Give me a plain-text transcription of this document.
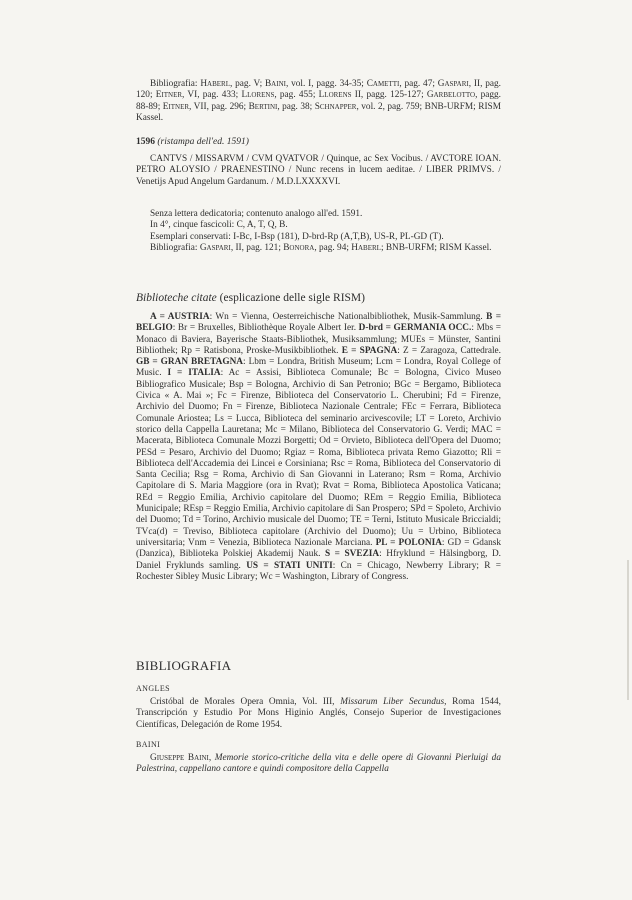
Bibliografia: Haberl, pag. V; Baini, vol. I, pagg. 34-35; Cametti, pag. 47; Gaspari, II, pag. 120; Eitner, VI, pag. 433; Llorens, pag. 455; Llorens II, pagg. 125-127; Garbelotto, pagg. 88-89; Eitner, VII, pag. 296; Bertini, pag. 38; Schnapper, vol. 2, pag. 759; BNB-URFM; RISM Kassel.

1596 (ristampa dell'ed. 1591)

CANTVS / MISSARVM / CVM QVATVOR / Quinque, ac Sex Vocibus. / AVCTORE IOAN. PETRO ALOYSIO / PRAENESTINO / Nunc recens in lucem aeditae. / LIBER PRIMVS. / Venetijs Apud Angelum Gardanum. / M.D.LXXXXVI.

Senza lettera dedicatoria; contenuto analogo all'ed. 1591.

In 4°, cinque fascicoli: C, A, T, Q, B.

Esemplari conservati: I-Bc, I-Bsp (181), D-brd-Rp (A,T,B), US-R, PL-GD (T).

Bibliografia: Gaspari, II, pag. 121; Bonora, pag. 94; Haberl; BNB-URFM; RISM Kassel.

Biblioteche citate (esplicazione delle sigle RISM)

A = AUSTRIA: Wn = Vienna, Oesterreichische Nationalbibliothek, Musik-Sammlung. B = BELGIO: Br = Bruxelles, Bibliothèque Royale Albert Ier. D-brd = GERMANIA OCC.: Mbs = Monaco di Baviera, Bayerische Staats-Bibliothek, Musiksammlung; MUEs = Münster, Santini Bibliothek; Rp = Ratisbona, Proske-Musikbibliothek. E = SPAGNA: Z = Zaragoza, Cattedrale. GB = GRAN BRETAGNA: Lbm = Londra, British Museum; Lcm = Londra, Royal College of Music. I = ITALIA: Ac = Assisi, Biblioteca Comunale; Bc = Bologna, Civico Museo Bibliografico Musicale; Bsp = Bologna, Archivio di San Petronio; BGc = Bergamo, Biblioteca Civica « A. Mai »; Fc = Firenze, Biblioteca del Conservatorio L. Cherubini; Fd = Firenze, Archivio del Duomo; Fn = Firenze, Biblioteca Nazionale Centrale; FEc = Ferrara, Biblioteca Comunale Ariostea; Ls = Lucca, Biblioteca del seminario arcivescovile; LT = Loreto, Archivio storico della Cappella Lauretana; Mc = Milano, Biblioteca del Conservatorio G. Verdi; MAC = Macerata, Biblioteca Comunale Mozzi Borgetti; Od = Orvieto, Biblioteca dell'Opera del Duomo; PESd = Pesaro, Archivio del Duomo; Rgiaz = Roma, Biblioteca privata Remo Giazotto; Rli = Biblioteca dell'Accademia dei Lincei e Corsiniana; Rsc = Roma, Biblioteca del Conservatorio di Santa Cecilia; Rsg = Roma, Archivio di San Giovanni in Laterano; Rsm = Roma, Archivio Capitolare di S. Maria Maggiore (ora in Rvat); Rvat = Roma, Biblioteca Apostolica Vaticana; REd = Reggio Emilia, Archivio capitolare del Duomo; REm = Reggio Emilia, Biblioteca Municipale; REsp = Reggio Emilia, Archivio capitolare di San Prospero; SPd = Spoleto, Archivio del Duomo; Td = Torino, Archivio musicale del Duomo; TE = Terni, Istituto Musicale Briccialdi; TVca(d) = Treviso, Biblioteca capitolare (Archivio del Duomo); Uu = Urbino, Biblioteca universitaria; Vnm = Venezia, Biblioteca Nazionale Marciana. PL = POLONIA: GD = Gdansk (Danzica), Biblioteka Polskiej Akademij Nauk. S = SVEZIA: Hfryklund = Hälsingborg, D. Daniel Fryklunds samling. US = STATI UNITI: Cn = Chicago, Newberry Library; R = Rochester Sibley Music Library; Wc = Washington, Library of Congress.

BIBLIOGRAFIA
ANGLES

Cristóbal de Morales Opera Omnia, Vol. III, Missarum Liber Secundus, Roma 1544, Transcripción y Estudio Por Mons Higinio Anglés, Consejo Superior de Investigaciones Científicas, Delegación de Rome 1954.

BAINI

Giuseppe Baini, Memorie storico-critiche della vita e delle opere di Giovanni Pierluigi da Palestrina, cappellano cantore e quindi compositore della Cappella
